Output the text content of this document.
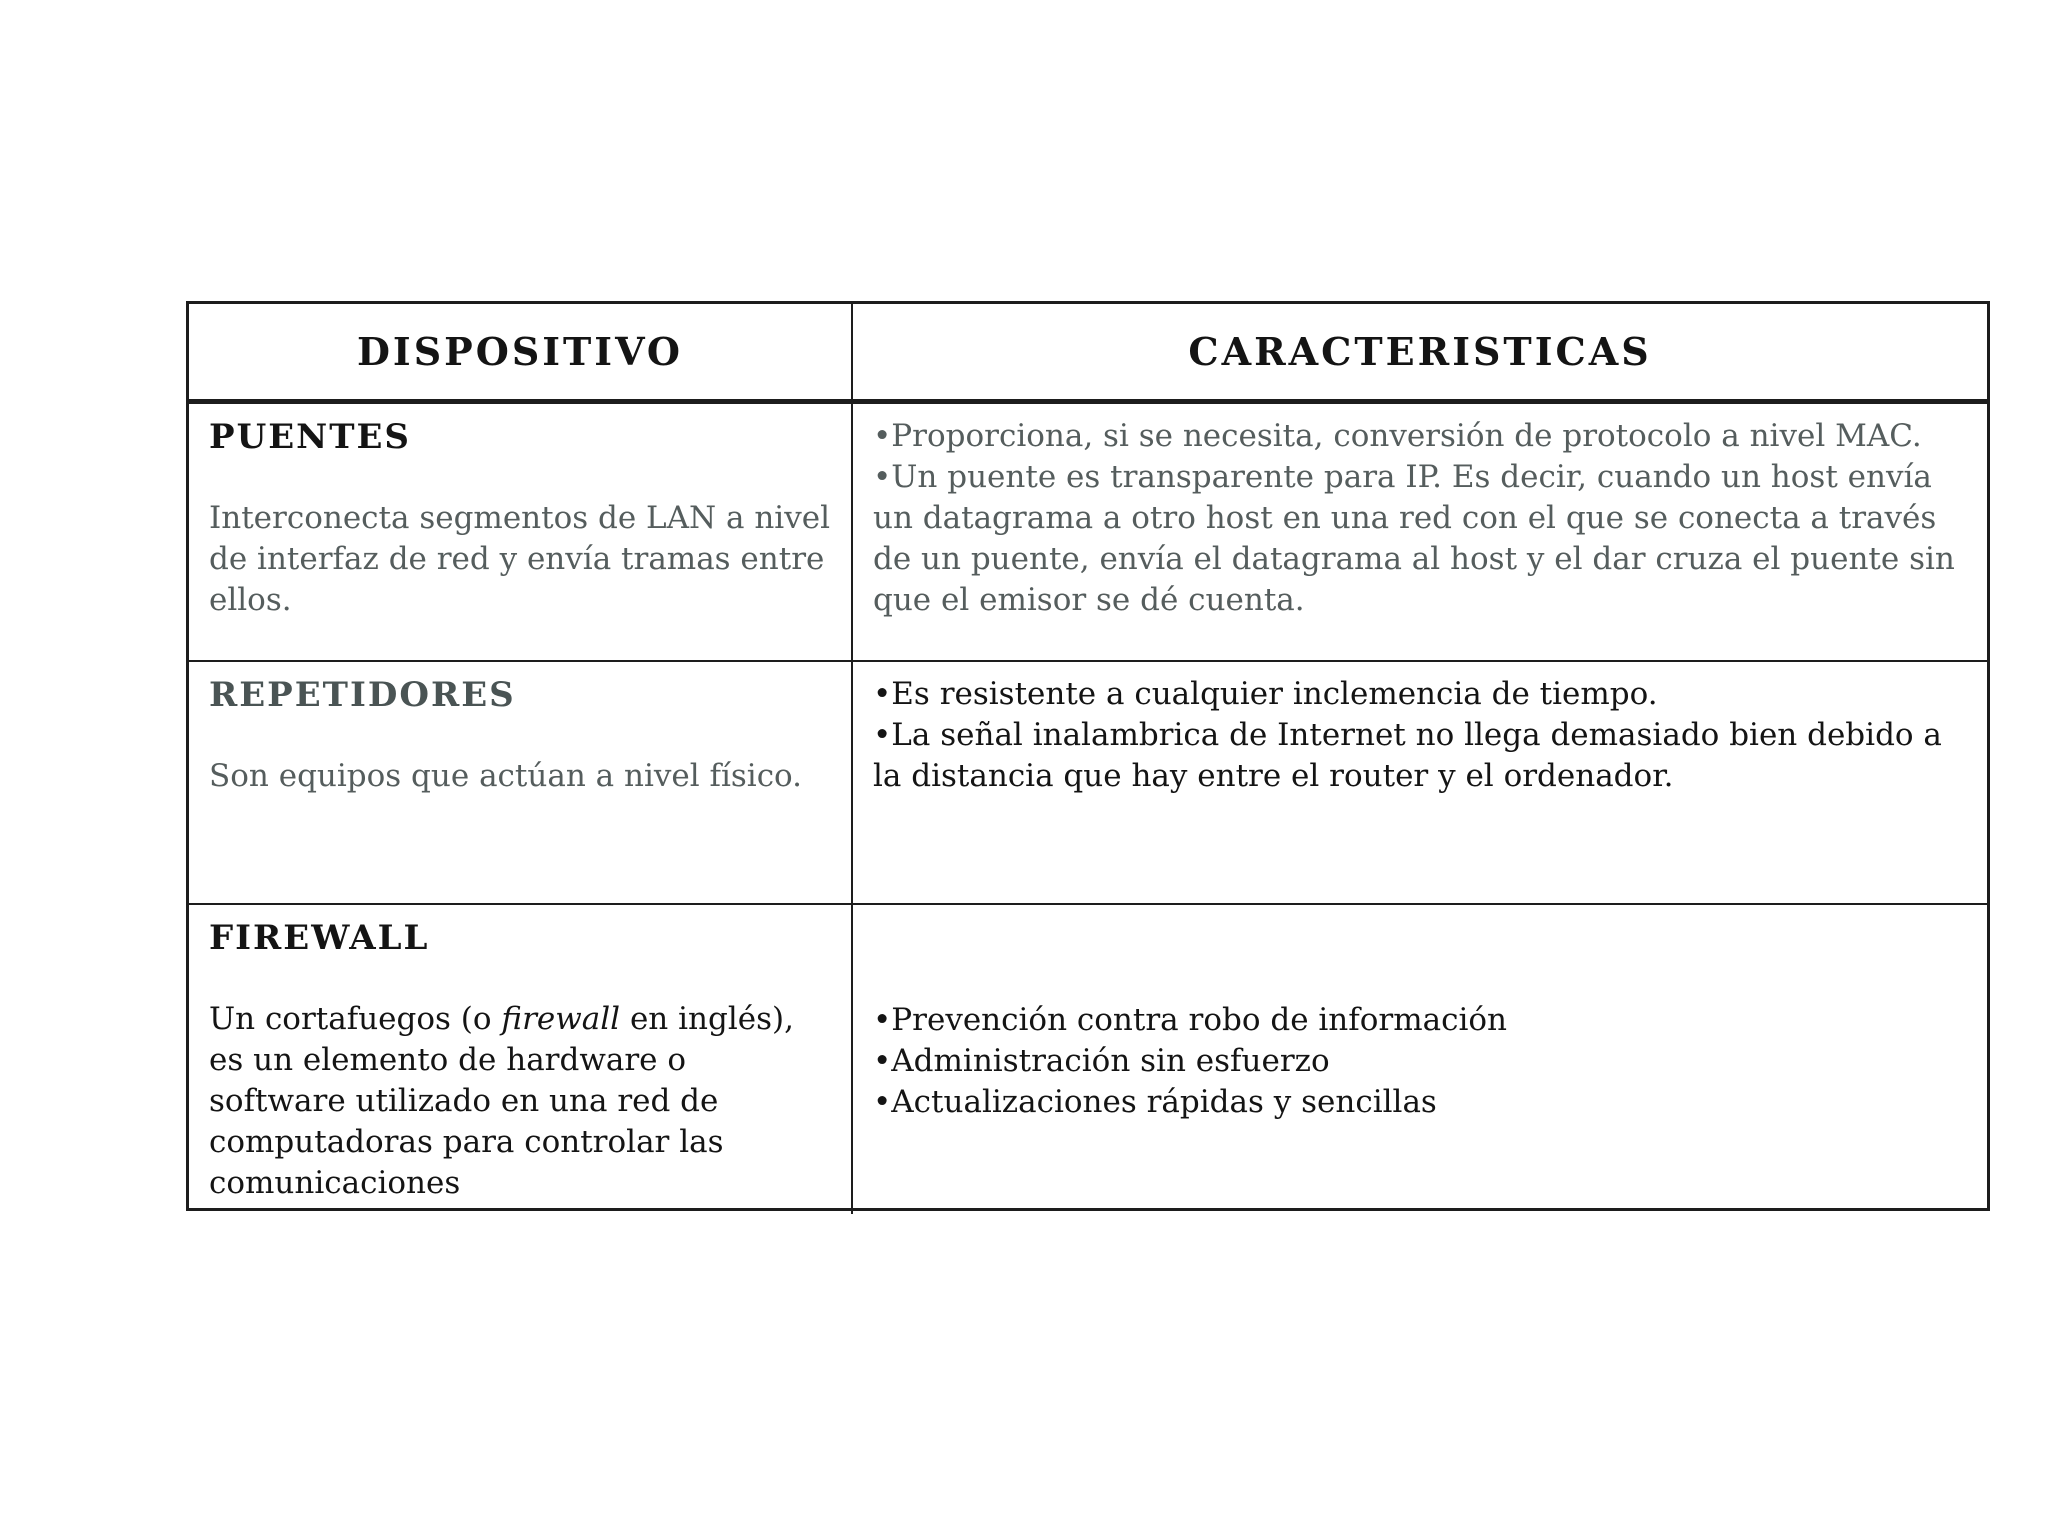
DISPOSITIVO	CARACTERISTICAS

PUENTES

Interconecta segmentos de LAN a nivel de interfaz de red y envía tramas entre ellos.

• Proporciona, si se necesita, conversión de protocolo a nivel MAC.
• Un puente es transparente para IP. Es decir, cuando un host envía un datagrama a otro host en una red con el que se conecta a través de un puente, envía el datagrama al host y el dar cruza el puente sin que el emisor se dé cuenta.

REPETIDORES

Son equipos que actúan a nivel físico.

• Es resistente a cualquier inclemencia de tiempo.
• La señal inalambrica de Internet no llega demasiado bien debido a la distancia que hay entre el router y el ordenador.

FIREWALL

Un cortafuegos (o firewall en inglés), es un elemento de hardware o software utilizado en una red de computadoras para controlar las comunicaciones

• Prevención contra robo de información
• Administración sin esfuerzo
• Actualizaciones rápidas y sencillas
